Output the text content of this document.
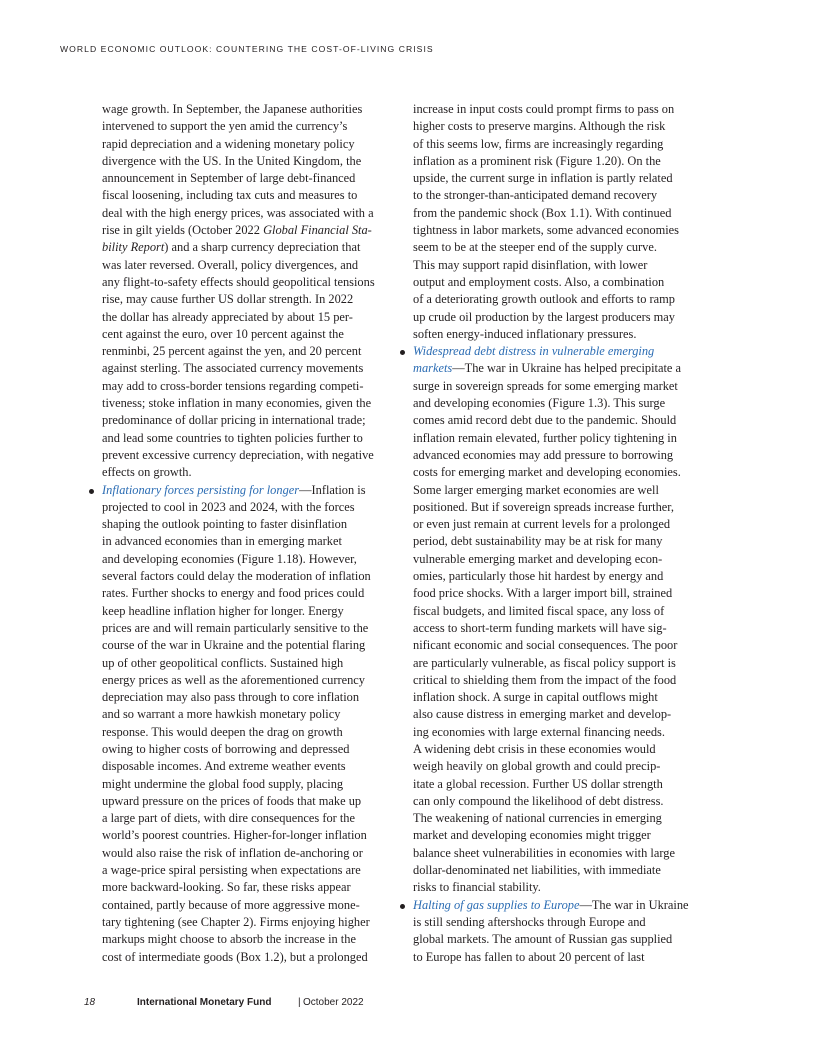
WORLD ECONOMIC OUTLOOK: COUNTERING THE COST-OF-LIVING CRISIS
wage growth. In September, the Japanese authorities
intervened to support the yen amid the currency’s
rapid depreciation and a widening monetary policy
divergence with the US. In the United Kingdom, the
announcement in September of large debt-financed
fiscal loosening, including tax cuts and measures to
deal with the high energy prices, was associated with a
rise in gilt yields (October 2022 Global Financial Sta-
bility Report) and a sharp currency depreciation that
was later reversed. Overall, policy divergences, and
any flight-to-safety effects should geopolitical tensions
rise, may cause further US dollar strength. In 2022
the dollar has already appreciated by about 15 per-
cent against the euro, over 10 percent against the
renminbi, 25 percent against the yen, and 20 percent
against sterling. The associated currency movements
may add to cross-border tensions regarding competi-
tiveness; stoke inflation in many economies, given the
predominance of dollar pricing in international trade;
and lead some countries to tighten policies further to
prevent excessive currency depreciation, with negative
effects on growth.
Inflationary forces persisting for longer—Inflation is
projected to cool in 2023 and 2024, with the forces
shaping the outlook pointing to faster disinflation
in advanced economies than in emerging market
and developing economies (Figure 1.18). However,
several factors could delay the moderation of inflation
rates. Further shocks to energy and food prices could
keep headline inflation higher for longer. Energy
prices are and will remain particularly sensitive to the
course of the war in Ukraine and the potential flaring
up of other geopolitical conflicts. Sustained high
energy prices as well as the aforementioned currency
depreciation may also pass through to core inflation
and so warrant a more hawkish monetary policy
response. This would deepen the drag on growth
owing to higher costs of borrowing and depressed
disposable incomes. And extreme weather events
might undermine the global food supply, placing
upward pressure on the prices of foods that make up
a large part of diets, with dire consequences for the
world’s poorest countries. Higher-for-longer inflation
would also raise the risk of inflation de-anchoring or
a wage-price spiral persisting when expectations are
more backward-looking. So far, these risks appear
contained, partly because of more aggressive mone-
tary tightening (see Chapter 2). Firms enjoying higher
markups might choose to absorb the increase in the
cost of intermediate goods (Box 1.2), but a prolonged
increase in input costs could prompt firms to pass on
higher costs to preserve margins. Although the risk
of this seems low, firms are increasingly regarding
inflation as a prominent risk (Figure 1.20). On the
upside, the current surge in inflation is partly related
to the stronger-than-anticipated demand recovery
from the pandemic shock (Box 1.1). With continued
tightness in labor markets, some advanced economies
seem to be at the steeper end of the supply curve.
This may support rapid disinflation, with lower
output and employment costs. Also, a combination
of a deteriorating growth outlook and efforts to ramp
up crude oil production by the largest producers may
soften energy-induced inflationary pressures.
Widespread debt distress in vulnerable emerging
markets—The war in Ukraine has helped precipitate a
surge in sovereign spreads for some emerging market
and developing economies (Figure 1.3). This surge
comes amid record debt due to the pandemic. Should
inflation remain elevated, further policy tightening in
advanced economies may add pressure to borrowing
costs for emerging market and developing economies.
Some larger emerging market economies are well
positioned. But if sovereign spreads increase further,
or even just remain at current levels for a prolonged
period, debt sustainability may be at risk for many
vulnerable emerging market and developing econ-
omies, particularly those hit hardest by energy and
food price shocks. With a larger import bill, strained
fiscal budgets, and limited fiscal space, any loss of
access to short-term funding markets will have sig-
nificant economic and social consequences. The poor
are particularly vulnerable, as fiscal policy support is
critical to shielding them from the impact of the food
inflation shock. A surge in capital outflows might
also cause distress in emerging market and develop-
ing economies with large external financing needs.
A widening debt crisis in these economies would
weigh heavily on global growth and could precip-
itate a global recession. Further US dollar strength
can only compound the likelihood of debt distress.
The weakening of national currencies in emerging
market and developing economies might trigger
balance sheet vulnerabilities in economies with large
dollar-denominated net liabilities, with immediate
risks to financial stability.
Halting of gas supplies to Europe—The war in Ukraine
is still sending aftershocks through Europe and
global markets. The amount of Russian gas supplied
to Europe has fallen to about 20 percent of last
18	International Monetary Fund	| October 2022
